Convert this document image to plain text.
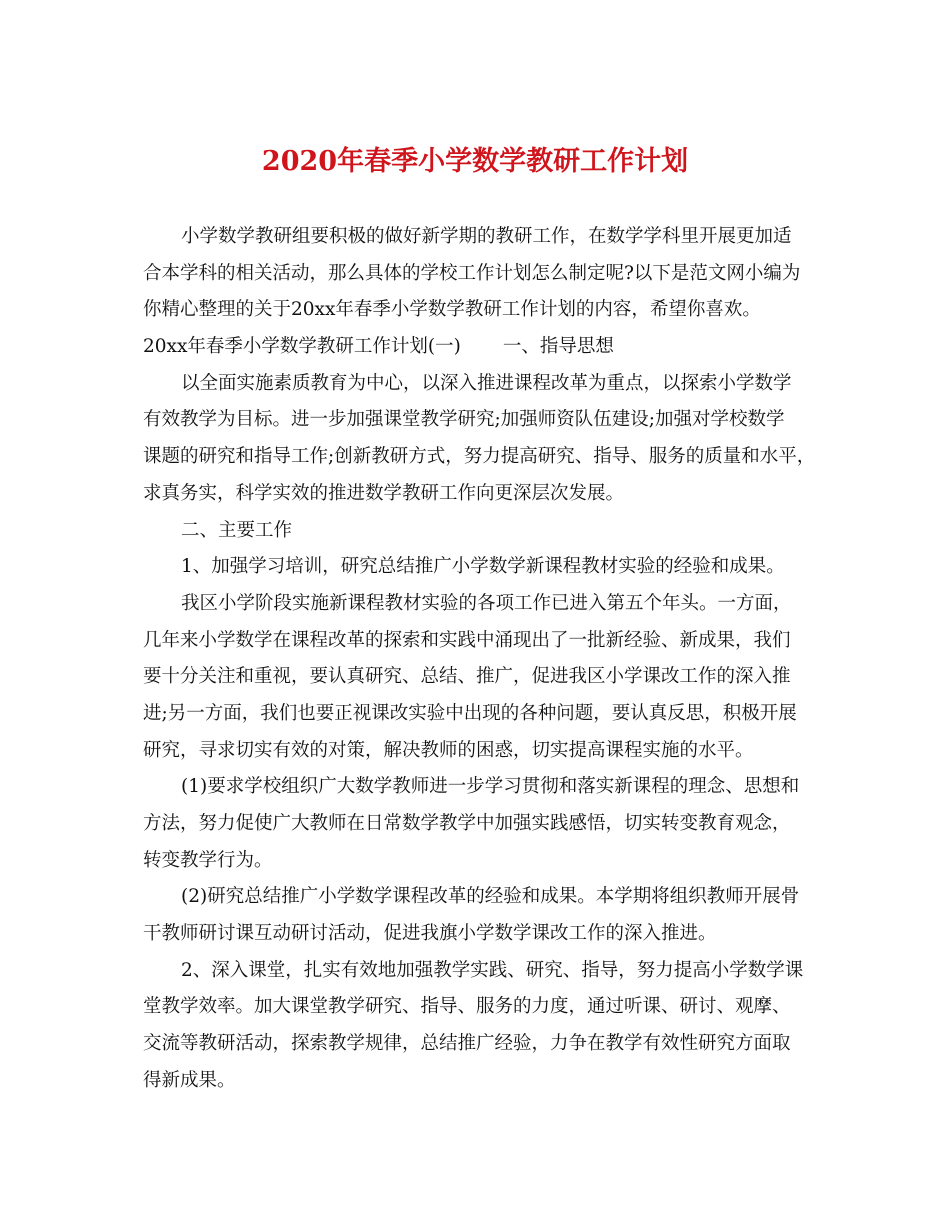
2020年春季小学数学教研工作计划
小学数学教研组要积极的做好新学期的教研工作，在数学学科里开展更加适
合本学科的相关活动，那么具体的学校工作计划怎么制定呢?以下是范文网小编为
你精心整理的关于20xx年春季小学数学教研工作计划的内容，希望你喜欢。
20xx年春季小学数学教研工作计划(一) 一、指导思想
以全面实施素质教育为中心，以深入推进课程改革为重点，以探索小学数学
有效教学为目标。进一步加强课堂教学研究;加强师资队伍建设;加强对学校数学
课题的研究和指导工作;创新教研方式，努力提高研究、指导、服务的质量和水平，
求真务实，科学实效的推进数学教研工作向更深层次发展。
二、主要工作
1、加强学习培训，研究总结推广小学数学新课程教材实验的经验和成果。
我区小学阶段实施新课程教材实验的各项工作已进入第五个年头。一方面，
几年来小学数学在课程改革的探索和实践中涌现出了一批新经验、新成果，我们
要十分关注和重视，要认真研究、总结、推广，促进我区小学课改工作的深入推
进;另一方面，我们也要正视课改实验中出现的各种问题，要认真反思，积极开展
研究，寻求切实有效的对策，解决教师的困惑，切实提高课程实施的水平。
(1)要求学校组织广大数学教师进一步学习贯彻和落实新课程的理念、思想和
方法，努力促使广大教师在日常数学教学中加强实践感悟，切实转变教育观念，
转变教学行为。
(2)研究总结推广小学数学课程改革的经验和成果。本学期将组织教师开展骨
干教师研讨课互动研讨活动，促进我旗小学数学课改工作的深入推进。
2、深入课堂，扎实有效地加强教学实践、研究、指导，努力提高小学数学课
堂教学效率。加大课堂教学研究、指导、服务的力度，通过听课、研讨、观摩、
交流等教研活动，探索教学规律，总结推广经验，力争在教学有效性研究方面取
得新成果。
